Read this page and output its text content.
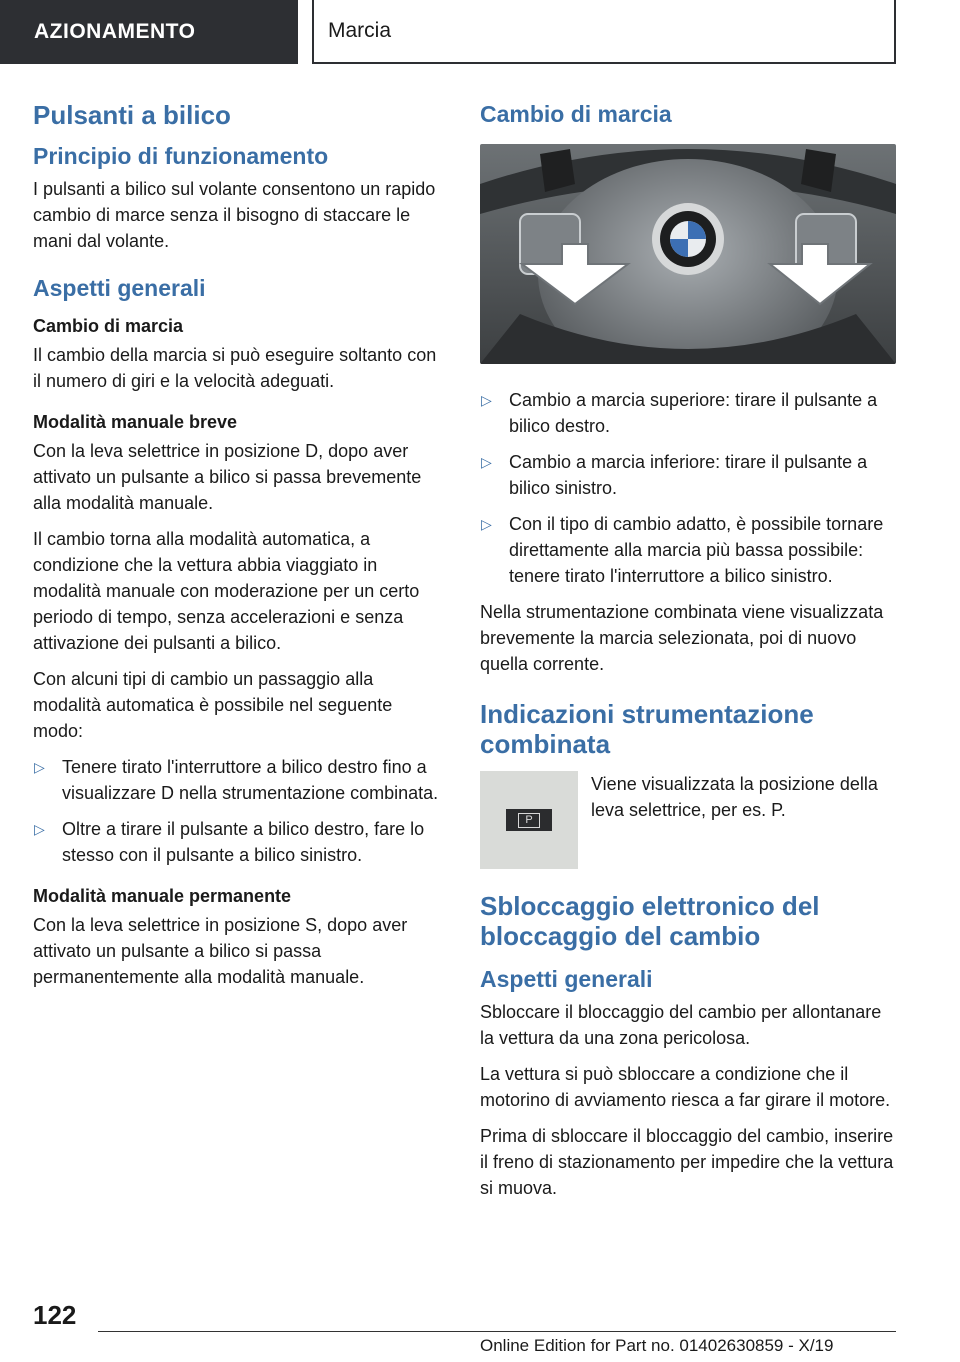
AZIONAMENTO	Marcia
Pulsanti a bilico
Principio di funzionamento

I pulsanti a bilico sul volante consentono un rapido cambio di marce senza il bisogno di staccare le mani dal volante.

Aspetti generali
Cambio di marcia

Il cambio della marcia si può eseguire soltanto con il numero di giri e la velocità adeguati.

Modalità manuale breve

Con la leva selettrice in posizione D, dopo aver attivato un pulsante a bilico si passa brevemente alla modalità manuale.

Il cambio torna alla modalità automatica, a condizione che la vettura abbia viaggiato in modalità manuale con moderazione per un certo periodo di tempo, senza accelerazioni e senza attivazione dei pulsanti a bilico.

Con alcuni tipi di cambio un passaggio alla modalità automatica è possibile nel seguente modo:

▷ Tenere tirato l'interruttore a bilico destro fino a visualizzare D nella strumentazione combinata.
▷ Oltre a tirare il pulsante a bilico destro, fare lo stesso con il pulsante a bilico sinistro.
Modalità manuale permanente

Con la leva selettrice in posizione S, dopo aver attivato un pulsante a bilico si passa permanentemente alla modalità manuale.

Cambio di marcia
▷ Cambio a marcia superiore: tirare il pulsante a bilico destro.
▷ Cambio a marcia inferiore: tirare il pulsante a bilico sinistro.
▷ Con il tipo di cambio adatto, è possibile tornare direttamente alla marcia più bassa possibile: tenere tirato l'interruttore a bilico sinistro.

Nella strumentazione combinata viene visualizzata brevemente la marcia selezionata, poi di nuovo quella corrente.

Indicazioni strumentazione combinata
P

Viene visualizzata la posizione della leva selettrice, per es. P.

Sbloccaggio elettronico del bloccaggio del cambio
Aspetti generali

Sbloccare il bloccaggio del cambio per allontanare la vettura da una zona pericolosa.

La vettura si può sbloccare a condizione che il motorino di avviamento riesca a far girare il motore.

Prima di sbloccare il bloccaggio del cambio, inserire il freno di stazionamento per impedire che la vettura si muova.

122
Online Edition for Part no. 01402630859 - X/19
